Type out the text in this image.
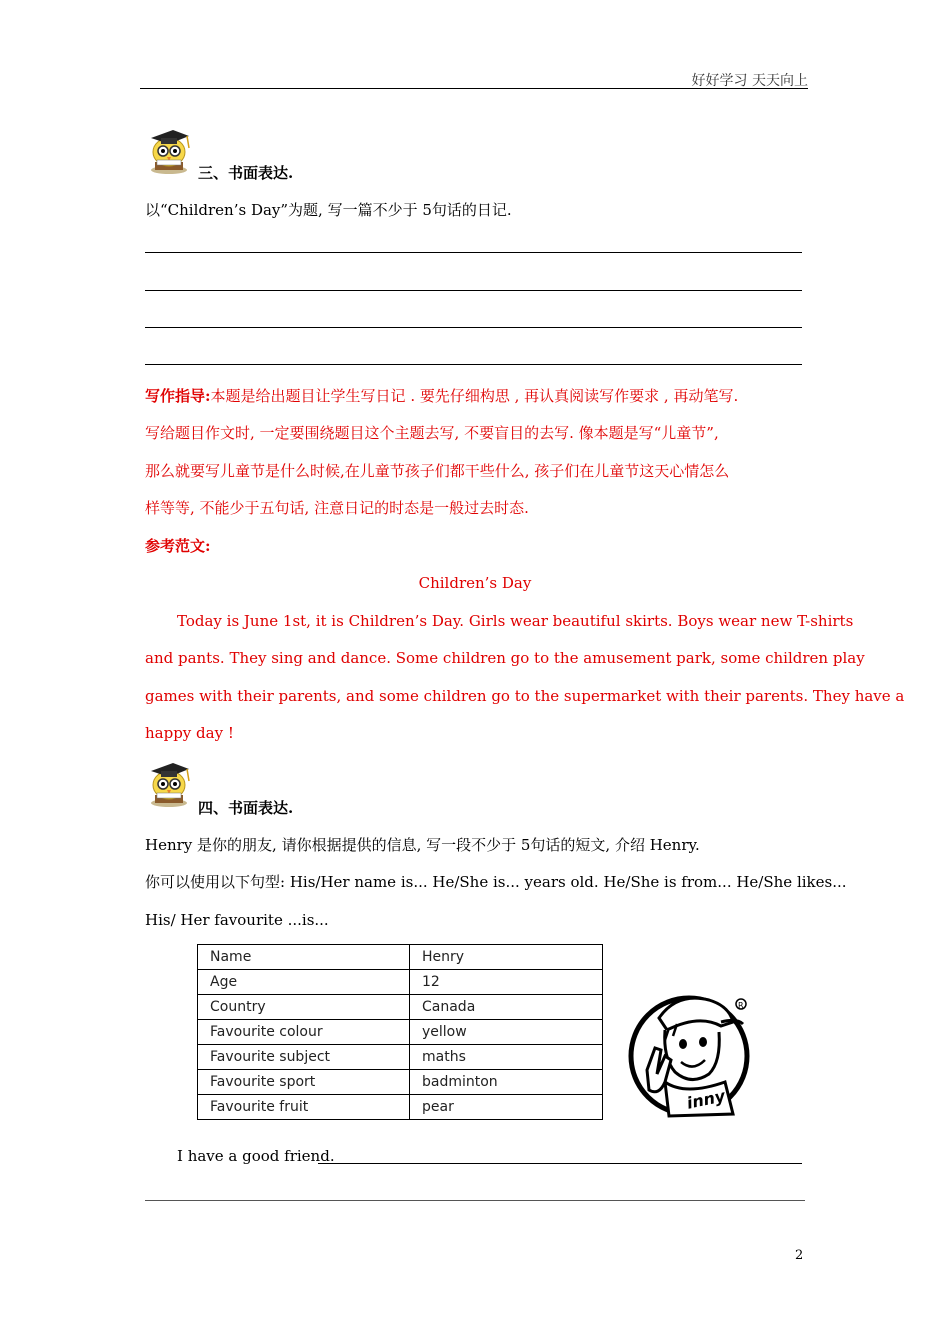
好好学习 天天向上
三、书面表达.
以“Children’s Day”为题, 写一篇不少于 5句话的日记.
写作指导:本题是给出题目让学生写日记 . 要先仔细构思 , 再认真阅读写作要求 , 再动笔写.
写给题目作文时, 一定要围绕题目这个主题去写, 不要盲目的去写. 像本题是写“儿童节”,
那么就要写儿童节是什么时候,在儿童节孩子们都干些什么, 孩子们在儿童节这天心情怎么
样等等, 不能少于五句话, 注意日记的时态是一般过去时态.
参考范文:
Children’s Day
Today is June 1st, it is Children’s Day. Girls wear beautiful skirts. Boys wear new T-shirts
and pants. They sing and dance. Some children go to the amusement park, some children play
games with their parents, and some children go to the supermarket with their parents. They have a
happy day !
四、书面表达.
Henry 是你的朋友, 请你根据提供的信息, 写一段不少于 5句话的短文, 介绍 Henry.
你可以使用以下句型: His/Her name is... He/She is... years old. He/She is from... He/She likes...
His/ Her favourite ...is...
Name	Henry
Age	12
Country	Canada
Favourite colour	yellow
Favourite subject	maths
Favourite sport	badminton
Favourite fruit	pear	inny
R
I have a good friend.
2
